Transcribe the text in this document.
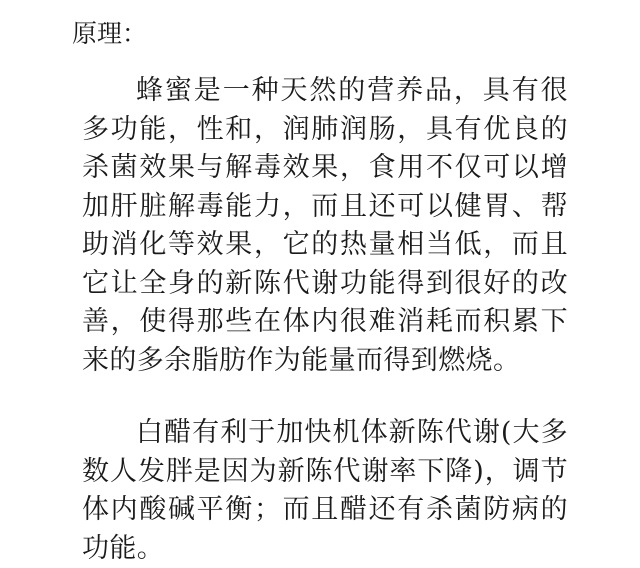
原理：

蜂蜜是一种天然的营养品，具有很多功能，性和，润肺润肠，具有优良的杀菌效果与解毒效果，食用不仅可以增加肝脏解毒能力，而且还可以健胃、帮助消化等效果，它的热量相当低，而且它让全身的新陈代谢功能得到很好的改善，使得那些在体内很难消耗而积累下来的多余脂肪作为能量而得到燃烧。

白醋有利于加快机体新陈代谢(大多数人发胖是因为新陈代谢率下降)，调节体内酸碱平衡；而且醋还有杀菌防病的功能。
